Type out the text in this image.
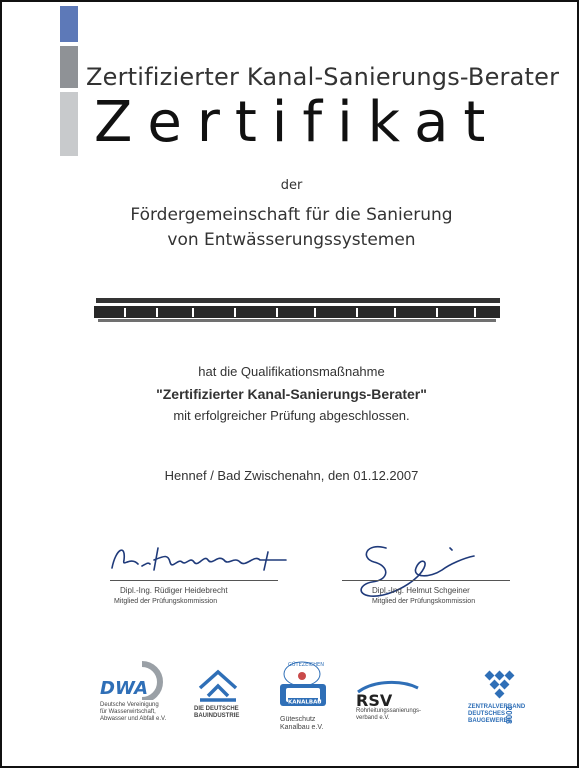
Zertifizierter Kanal-Sanierungs-Berater
Zertifikat
der
Fördergemeinschaft für die Sanierung
von Entwässerungssystemen
hat die Qualifikationsmaßnahme
"Zertifizierter Kanal-Sanierungs-Berater"
mit erfolgreicher Prüfung abgeschlossen.
Hennef / Bad Zwischenahn, den 01.12.2007
Dipl.-Ing. Rüdiger Heidebrecht
Mitglied der Prüfungskommission
Dipl.-Ing. Helmut Schgeiner
Mitglied der Prüfungskommission
DWA
Deutsche Vereinigung
für Wasserwirtschaft,
Abwasser und Abfall e.V.
DIE DEUTSCHE
BAUINDUSTRIE
GÜTEZEICHEN
KANALBAU
Güteschutz
Kanalbau e.V.
RSV
Rohrleitungssanierungs-
verband e.V.
ZENTRALVERBAND
DEUTSCHES
BAUGEWERBE
2008
